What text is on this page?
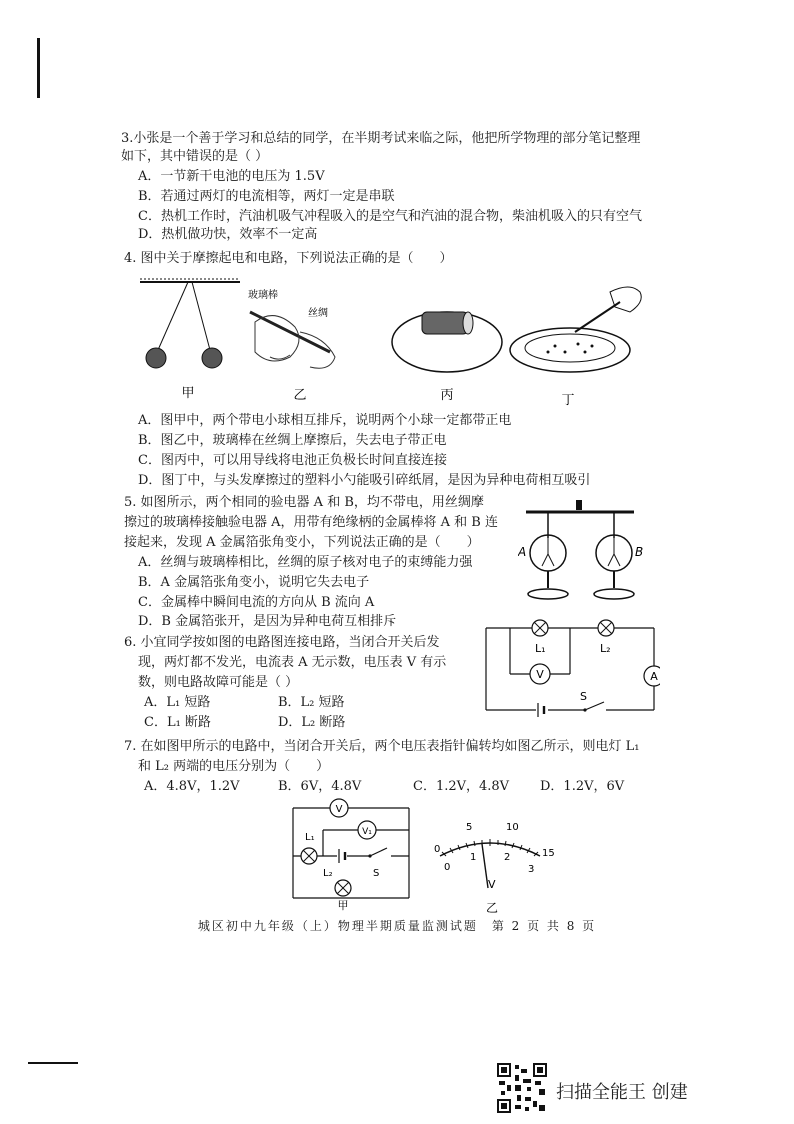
3.小张是一个善于学习和总结的同学，在半期考试来临之际，他把所学物理的部分笔记整理
如下，其中错误的是（ ）
A．一节新干电池的电压为 1.5V
B．若通过两灯的电流相等，两灯一定是串联
C．热机工作时，汽油机吸气冲程吸入的是空气和汽油的混合物，柴油机吸入的只有空气
D．热机做功快，效率不一定高
4. 图中关于摩擦起电和电路，下列说法正确的是（　　）
玻璃棒
丝绸
甲	乙	丙	丁
A．图甲中，两个带电小球相互排斥，说明两个小球一定都带正电
B．图乙中，玻璃棒在丝绸上摩擦后，失去电子带正电
C．图丙中，可以用导线将电池正负极长时间直接连接
D．图丁中，与头发摩擦过的塑料小勺能吸引碎纸屑，是因为异种电荷相互吸引
5. 如图所示，两个相同的验电器 A 和 B，均不带电，用丝绸摩
擦过的玻璃棒接触验电器 A，用带有绝缘柄的金属棒将 A 和 B 连
接起来，发现 A 金属箔张角变小，下列说法正确的是（　　）
A．丝绸与玻璃棒相比，丝绸的原子核对电子的束缚能力强
B．A 金属箔张角变小，说明它失去电子
C．金属棒中瞬间电流的方向从 B 流向 A
D．B 金属箔张开，是因为异种电荷互相排斥
A	B
6. 小宜同学按如图的电路图连接电路，当闭合开关后发
现，两灯都不发光，电流表 A 无示数，电压表 V 有示
数，则电路故障可能是（ ）
A．L₁ 短路	B．L₂ 短路
C．L₁ 断路	D．L₂ 断路
L₁	L₂
V	A
S
7. 在如图甲所示的电路中，当闭合开关后，两个电压表指针偏转均如图乙所示，则电灯 L₁
和 L₂ 两端的电压分别为（　　）
A．4.8V，1.2V	B．6V，4.8V	C．1.2V，4.8V D．1.2V，6V
V
V₁
L₁
S
L₂
甲
0
5	10
15
0
1	2
3
V
乙
城区初中九年级（上）物理半期质量监测试题　第 2 页 共 8 页
扫描全能王 创建
